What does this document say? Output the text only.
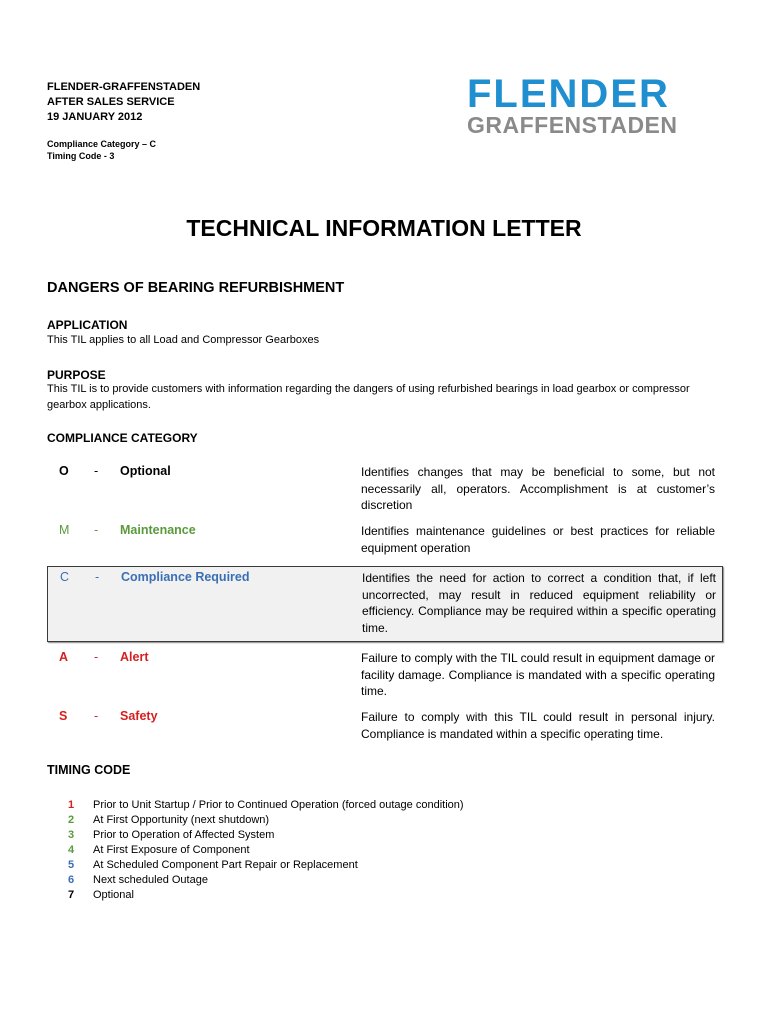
FLENDER-GRAFFENSTADEN
AFTER SALES SERVICE
19 JANUARY 2012
Compliance Category – C
Timing Code - 3
FLENDER
GRAFFENSTADEN
TECHNICAL INFORMATION LETTER
DANGERS OF BEARING REFURBISHMENT
APPLICATION
This TIL applies to all Load and Compressor Gearboxes
PURPOSE
This TIL is to provide customers with information regarding the dangers of using refurbished bearings in load gearbox or compressor gearbox applications.
COMPLIANCE CATEGORY
O	- Optional	Identifies changes that may be beneficial to some, but not necessarily all, operators. Accomplishment is at customer’s discretion
M	- Maintenance	Identifies maintenance guidelines or best practices for reliable equipment operation
C	- Compliance Required	Identifies the need for action to correct a condition that, if left uncorrected, may result in reduced equipment reliability or efficiency. Compliance may be required within a specific operating time.
A	- Alert	Failure to comply with the TIL could result in equipment damage or facility damage. Compliance is mandated with a specific operating time.
S	- Safety	Failure to comply with this TIL could result in personal injury. Compliance is mandated within a specific operating time.
TIMING CODE
1	Prior to Unit Startup / Prior to Continued Operation (forced outage condition)
2	At First Opportunity (next shutdown)
3	Prior to Operation of Affected System
4	At First Exposure of Component
5	At Scheduled Component Part Repair or Replacement
6	Next scheduled Outage
7	Optional
